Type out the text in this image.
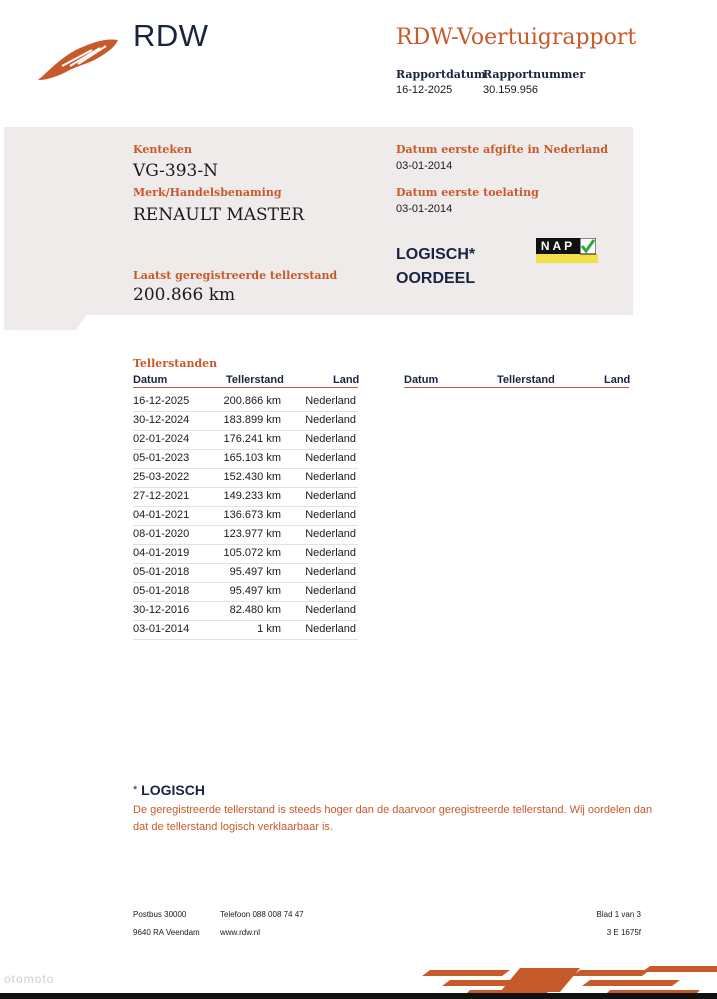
RDW	RDW-Voertuigrapport
Rapportdatum
16-12-2025
Rapportnummer
30.159.956
Kenteken
VG-393-N
Merk/Handelsbenaming
RENAULT MASTER
Laatst geregistreerde tellerstand
200.866 km
Datum eerste afgifte in Nederland
03-01-2014
Datum eerste toelating
03-01-2014
LOGISCH*
OORDEEL
NAP
Tellerstanden
Datum	Tellerstand	Land	Datum	Tellerstand	Land
16-12-2025	200.866 km Nederland
30-12-2024	183.899 km Nederland
02-01-2024	176.241 km Nederland
05-01-2023	165.103 km Nederland
25-03-2022	152.430 km Nederland
27-12-2021	149.233 km Nederland
04-01-2021	136.673 km Nederland
08-01-2020	123.977 km Nederland
04-01-2019	105.072 km Nederland
05-01-2018	95.497 km Nederland
05-01-2018	95.497 km Nederland
30-12-2016	82.480 km Nederland
03-01-2014	1 km Nederland
* LOGISCH
De geregistreerde tellerstand is steeds hoger dan de daarvoor geregistreerde tellerstand. Wij oordelen dan dat de tellerstand logisch verklaarbaar is.
Postbus 30000
9640 RA Veendam
Telefoon 088 008 74 47
www.rdw.nl
Blad 1 van 3
3 E 1675f
otomoto
